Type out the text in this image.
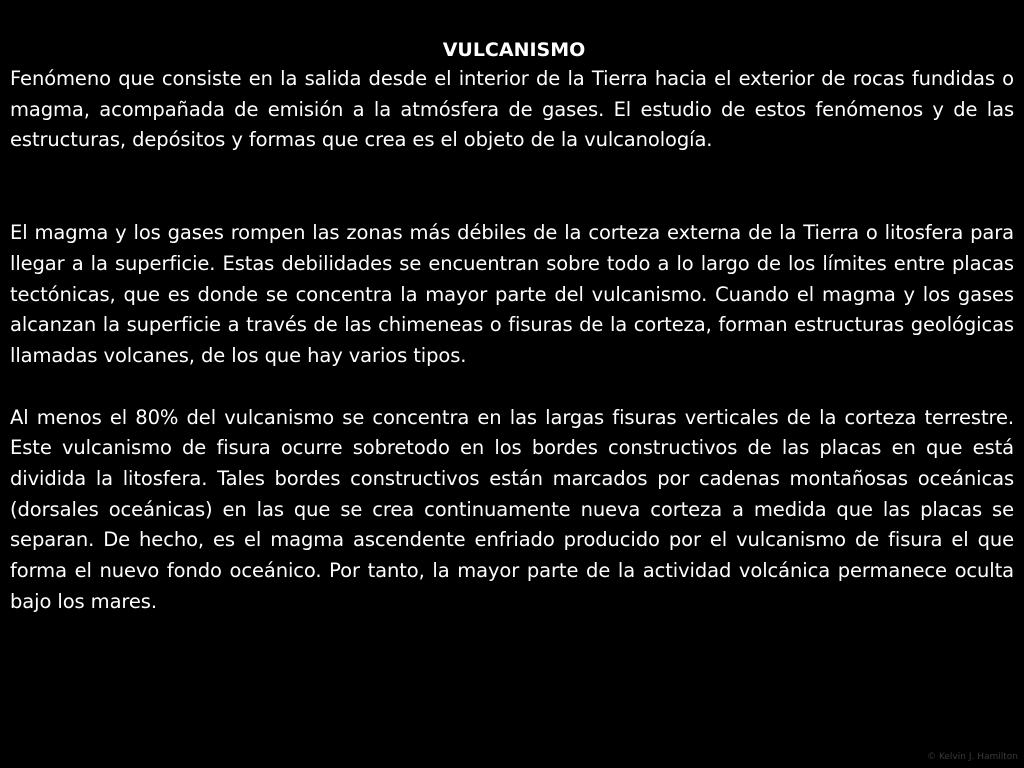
VULCANISMO

Fenómeno que consiste en la salida desde el interior de la Tierra hacia el exterior de rocas fundidas o magma, acompañada de emisión a la atmósfera de gases. El estudio de estos fenómenos y de las estructuras, depósitos y formas que crea es el objeto de la vulcanología.

El magma y los gases rompen las zonas más débiles de la corteza externa de la Tierra o litosfera para llegar a la superficie. Estas debilidades se encuentran sobre todo a lo largo de los límites entre placas tectónicas, que es donde se concentra la mayor parte del vulcanismo. Cuando el magma y los gases alcanzan la superficie a través de las chimeneas o fisuras de la corteza, forman estructuras geológicas llamadas volcanes, de los que hay varios tipos.

Al menos el 80% del vulcanismo se concentra en las largas fisuras verticales de la corteza terrestre. Este vulcanismo de fisura ocurre sobretodo en los bordes constructivos de las placas en que está dividida la litosfera. Tales bordes constructivos están marcados por cadenas montañosas oceánicas (dorsales oceánicas) en las que se crea continuamente nueva corteza a medida que las placas se separan. De hecho, es el magma ascendente enfriado producido por el vulcanismo de fisura el que forma el nuevo fondo oceánico. Por tanto, la mayor parte de la actividad volcánica permanece oculta bajo los mares.

© Kelvin J. Hamilton
